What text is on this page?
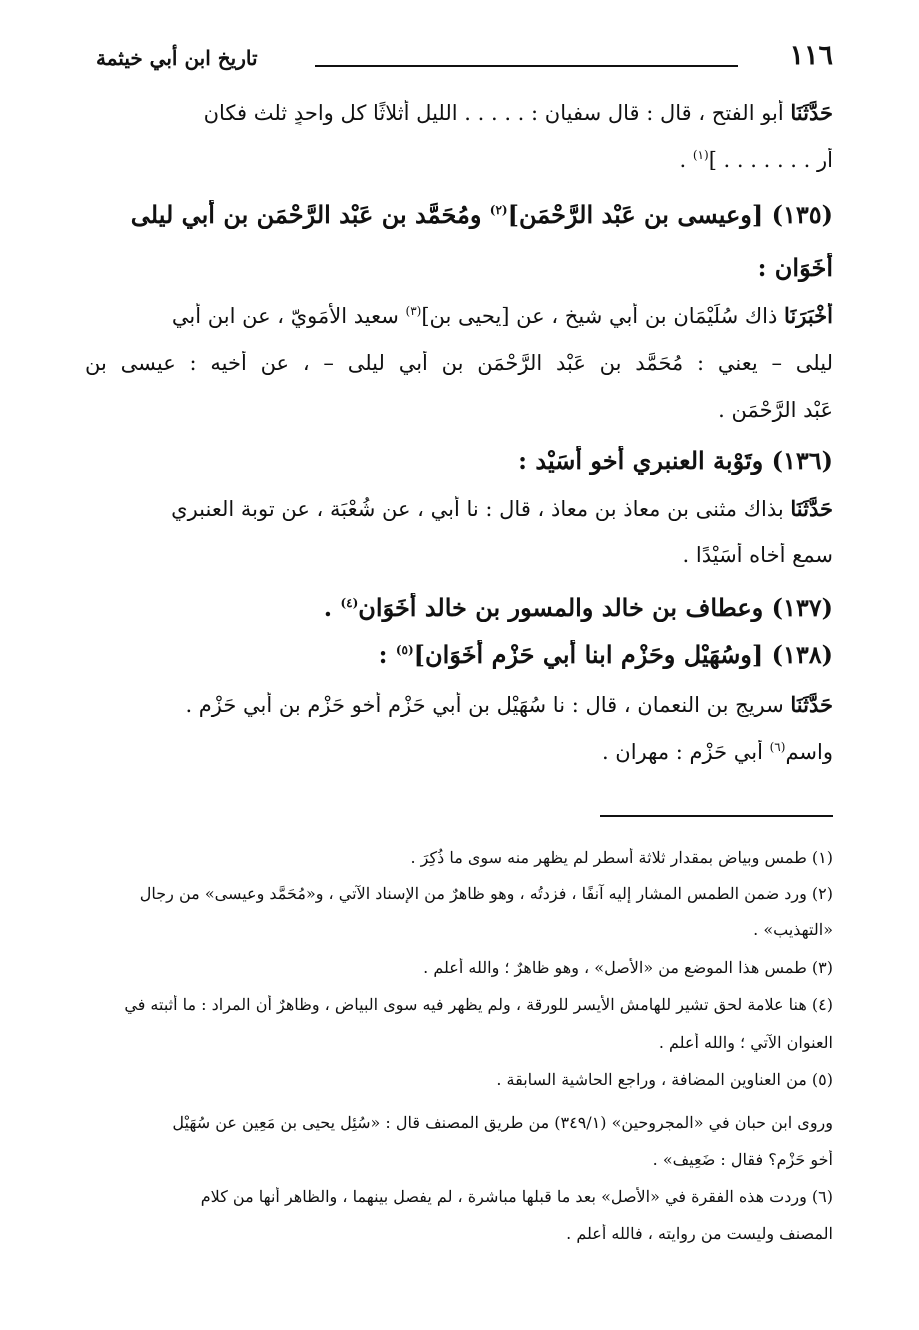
١١٦
تاريخ ابن أبي خيثمة
حَدَّثَنَا أبو الفتح ، قال : قال سفيان : . . . . . الليل أثلاثًا كل واحدٍ ثلث فكان
أر . . . . . . . ]$^{(١)}$ .
(١٣٥) [وعيسى بن عَبْد الرَّحْمَن]$^{(٢)}$ ومُحَمَّد بن عَبْد الرَّحْمَن بن أبي ليلى
أَخَوَان :
أَخْبَرَنَا ذاك سُلَيْمَان بن أبي شيخ ، عن [يحيى بن]$^{(٣)}$ سعيد الأُمَوِيّ ، عن ابن أبي
ليلى – يعني : مُحَمَّد بن عَبْد الرَّحْمَن بن أبي ليلى – ، عن أخيه : عيسى بن
عَبْد الرَّحْمَن .
(١٣٦) وتَوْبة العنبري أخو أُسَيْد :
حَدَّثَنَا بذاك مثنى بن معاذ بن معاذ ، قال : نا أبي ، عن شُعْبَة ، عن توبة العنبري
سمع أخاه أُسَيْدًا .
(١٣٧) وعطاف بن خالد والمسور بن خالد أَخَوَان$^{(٤)}$ .
(١٣٨) [وسُهَيْل وحَزْم ابنا أبي حَزْم أَخَوَان]$^{(٥)}$ :
حَدَّثَنَا سريج بن النعمان ، قال : نا سُهَيْل بن أبي حَزْمٍ أخو حَزْم بن أبي حَزْم .
واسم$^{(٦)}$ أبي حَزْم : مهران .
(١) طمس وبياض بمقدار ثلاثة أسطر لم يظهر منه سوى ما ذُكِرَ .
(٢) ورد ضمن الطمس المشار إليه آنفًا ، فزدتُه ، وهو ظاهرٌ من الإسناد الآتي ، و«مُحَمَّد وعيسى» من رجال
«التهذيب» .
(٣) طمس هذا الموضع من «الأصل» ، وهو ظاهرٌ ؛ والله أعلم .
(٤) هنا علامة لحق تشير للهامش الأيسر للورقة ، ولم يظهر فيه سوى البياض ، وظاهرٌ أن المراد : ما أثبته في
العنوان الآتي ؛ والله أعلم .
(٥) من العناوين المضافة ، وراجع الحاشية السابقة .
وروى ابن حبان في «المجروحين» (٣٤٩/١) من طريق المصنف قال : «سُئِل يحيى بن مَعِين عن سُهَيْل
أخو حَزْم؟ فقال : ضَعِيف» .
(٦) وردت هذه الفقرة في «الأصل» بعد ما قبلها مباشرة ، لم يفصل بينهما ، والظاهر أنها من كلام
المصنف وليست من روايته ، فالله أعلم .
